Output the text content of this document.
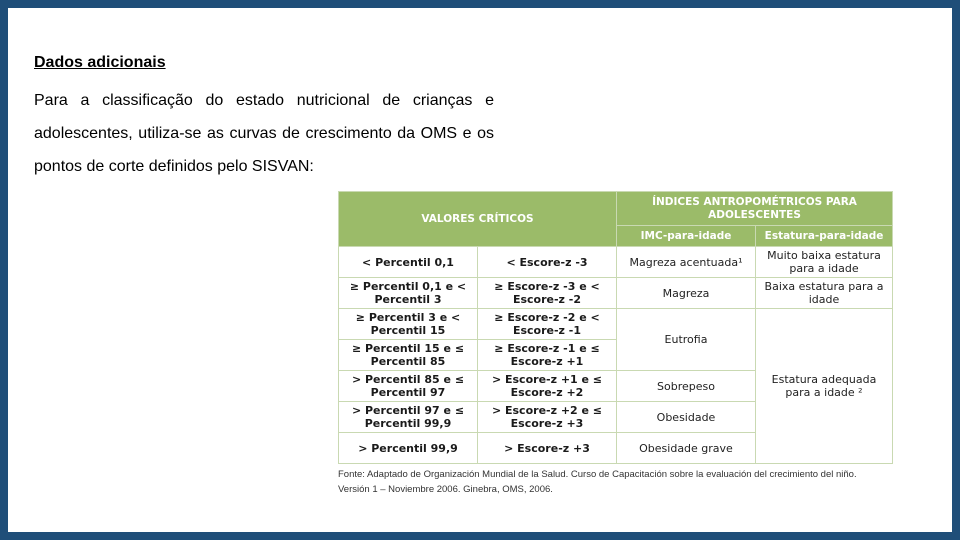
Dados adicionais
Para a classificação do estado nutricional de crianças e adolescentes, utiliza-se as curvas de crescimento da OMS e os pontos de corte definidos pelo SISVAN:
VALORES CRÍTICOS		ÍNDICES ANTROPOMÉTRICOS PARA ADOLESCENTES	
		IMC-para-idade	Estatura-para-idade
< Percentil 0,1	< Escore-z -3	Magreza acentuada¹	Muito baixa estatura para a idade
≥ Percentil 0,1 e < Percentil 3	≥ Escore-z -3 e < Escore-z -2	Magreza	Baixa estatura para a idade
≥ Percentil 3 e < Percentil 15	≥ Escore-z -2 e < Escore-z -1	Eutrofia	Estatura adequada para a idade ²
≥ Percentil 15 e ≤ Percentil 85	≥ Escore-z -1 e ≤ Escore-z +1		
> Percentil 85 e ≤ Percentil 97	> Escore-z +1 e ≤ Escore-z +2	Sobrepeso	
> Percentil 97 e ≤ Percentil 99,9	> Escore-z +2 e ≤ Escore-z +3	Obesidade	
> Percentil 99,9	> Escore-z +3	Obesidade grave	
Fonte: Adaptado de Organización Mundial de la Salud. Curso de Capacitación sobre la evaluación del crecimiento del niño.
Versión 1 – Noviembre 2006. Ginebra, OMS, 2006.
